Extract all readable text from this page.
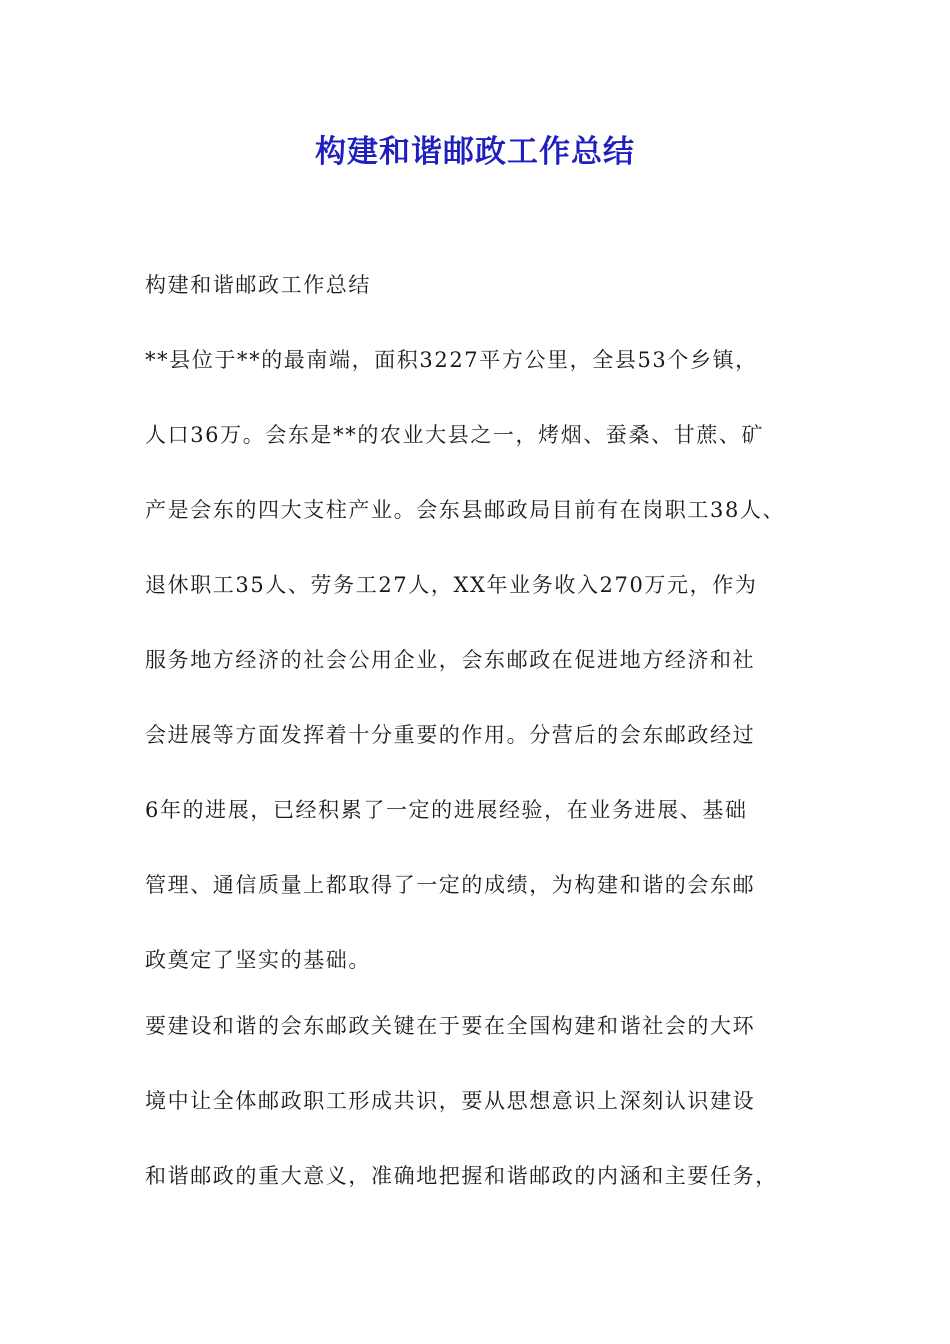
构建和谐邮政工作总结
构建和谐邮政工作总结
**县位于**的最南端，面积3227平方公里，全县53个乡镇，
人口36万。会东是**的农业大县之一，烤烟、蚕桑、甘蔗、矿
产是会东的四大支柱产业。会东县邮政局目前有在岗职工38人、
退休职工35人、劳务工27人，XX年业务收入270万元，作为
服务地方经济的社会公用企业，会东邮政在促进地方经济和社
会进展等方面发挥着十分重要的作用。分营后的会东邮政经过
6年的进展，已经积累了一定的进展经验，在业务进展、基础
管理、通信质量上都取得了一定的成绩，为构建和谐的会东邮
政奠定了坚实的基础。
要建设和谐的会东邮政关键在于要在全国构建和谐社会的大环
境中让全体邮政职工形成共识，要从思想意识上深刻认识建设
和谐邮政的重大意义，准确地把握和谐邮政的内涵和主要任务，
